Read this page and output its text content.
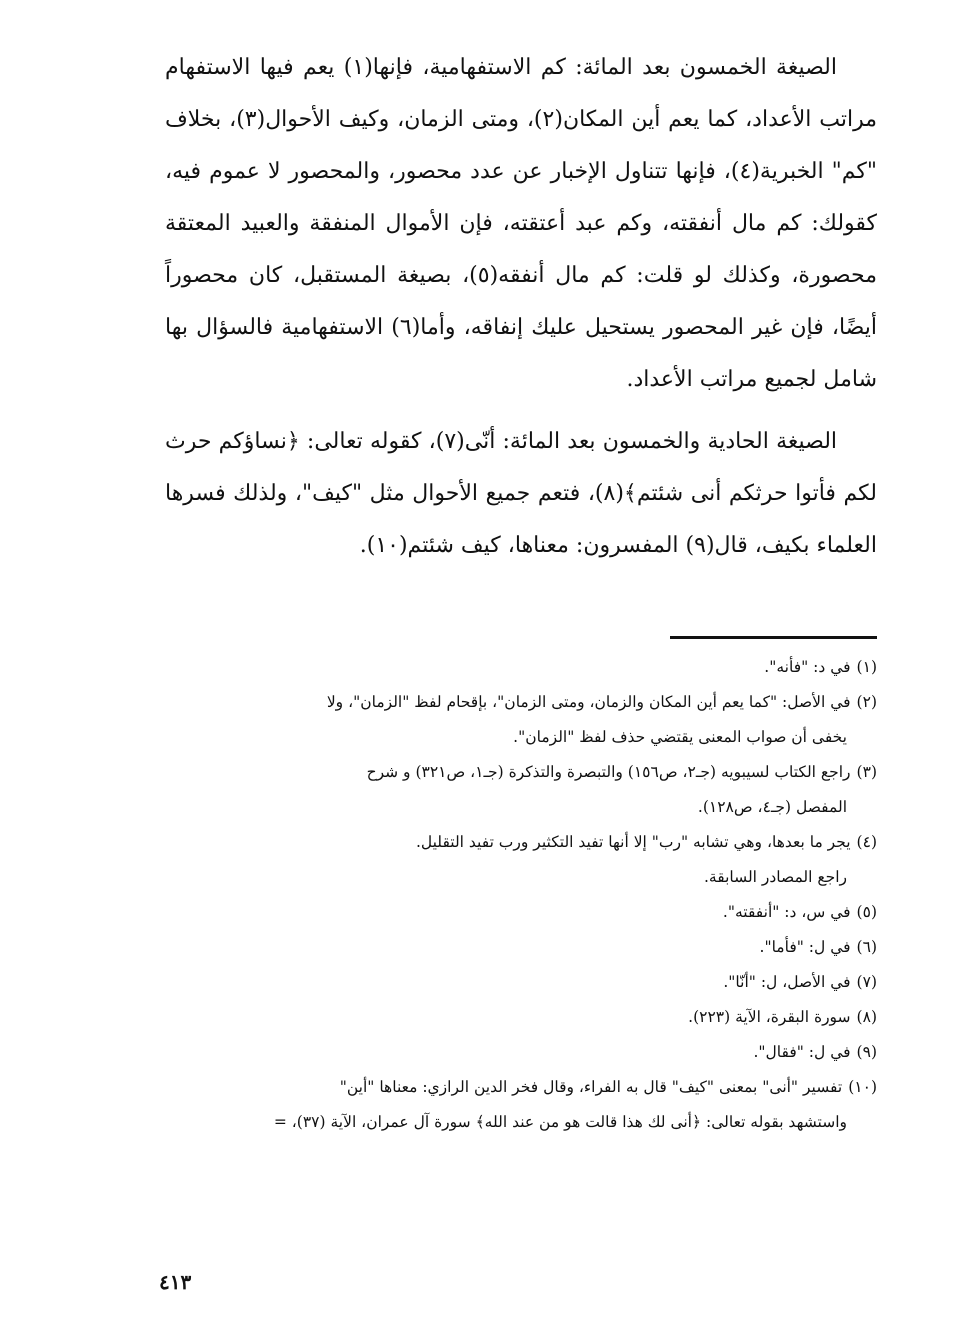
الصيغة الخمسون بعد المائة: كم الاستفهامية، فإنها(١) يعم فيها الاستفهام مراتب الأعداد، كما يعم أين المكان(٢)، ومتى الزمان، وكيف الأحوال(٣)، بخلاف "كم" الخبرية(٤)، فإنها تتناول الإخبار عن عدد محصور، والمحصور لا عموم فيه، كقولك: كم مال أنفقته، وكم عبد أعتقته، فإن الأموال المنفقة والعبيد المعتقة محصورة، وكذلك لو قلت: كم مال أنفقه(٥)، بصيغة المستقبل، كان محصوراً أيضًا، فإن غير المحصور يستحيل عليك إنفاقه، وأما(٦) الاستفهامية فالسؤال بها شامل لجميع مراتب الأعداد.

الصيغة الحادية والخمسون بعد المائة: أنّى(٧)، كقوله تعالى: ﴿نساؤكم حرث لكم فأتوا حرثكم أنى شئتم﴾(٨)، فتعم جميع الأحوال مثل "كيف"، ولذلك فسرها العلماء بكيف، قال(٩) المفسرون: معناها، كيف شئتم(١٠).

(١)في د: "فأنه".

(٢)في الأصل: "كما يعم أين المكان والزمان، ومتى الزمان"، بإقحام لفظ "الزمان"، ولا
يخفى أن صواب المعنى يقتضي حذف لفظ "الزمان".

(٣)راجع الكتاب لسيبويه (جـ٢، ص١٥٦) والتبصرة والتذكرة (جـ١، ص٣٢١) و شرح
المفصل (جـ٤، ص١٢٨).

(٤)يجر ما بعدها، وهي تشابه "رب" إلا أنها تفيد التكثير ورب تفيد التقليل.
راجع المصادر السابقة.

(٥)في س، د: "أنفقته".

(٦)في ل: "فأما".

(٧)في الأصل، ل: "أنّا".

(٨)سورة البقرة، الآية (٢٢٣).

(٩)في ل: "فقال".

(١٠)تفسير "أنى" بمعنى "كيف" قال به الفراء، وقال فخر الدين الرازي: معناها "أين"
واستشهد بقوله تعالى: ﴿أنى لك هذا قالت هو من عند الله﴾ سورة آل عمران، الآية (٣٧)، =

٤١٣
